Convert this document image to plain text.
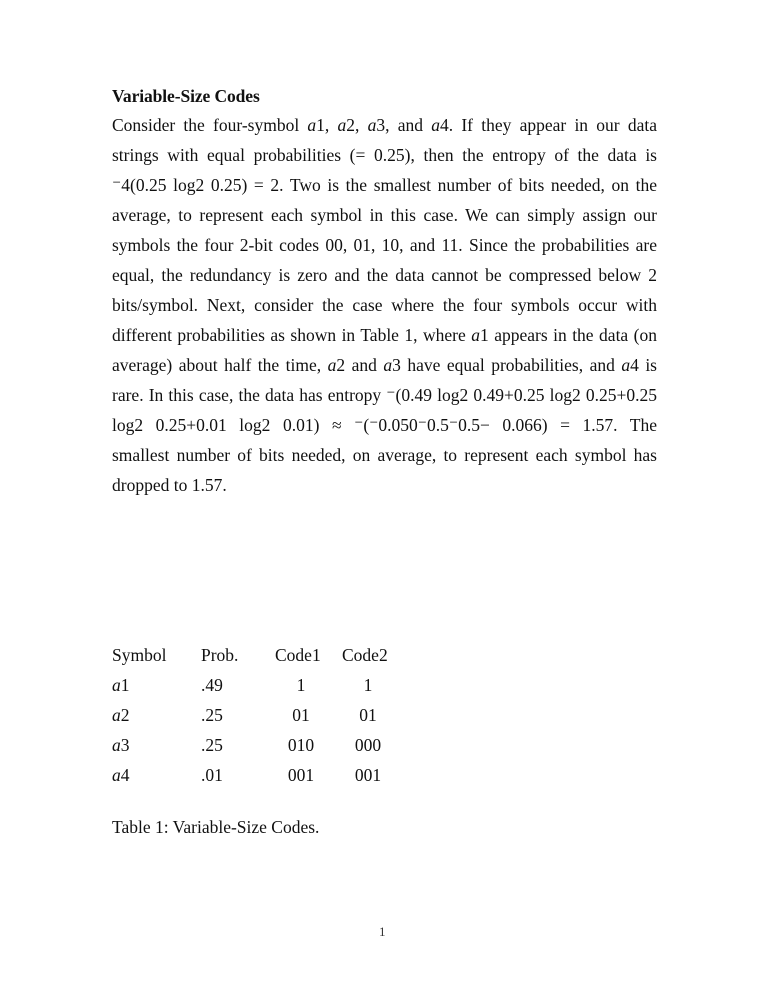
Variable-Size Codes
Consider the four-symbol a1, a2, a3, and a4. If they appear in our data
strings with equal probabilities (= 0.25), then the entropy of the data is
⁻4(0.25 log2 0.25) = 2. Two is the smallest number of bits needed, on the
average, to represent each symbol in this case. We can simply assign our
symbols the four 2-bit codes 00, 01, 10, and 11. Since the probabilities are
equal, the redundancy is zero and the data cannot be compressed below 2
bits/symbol. Next, consider the case where the four symbols occur with
different probabilities as shown in Table 1, where a1 appears in the data (on
average) about half the time, a2 and a3 have equal probabilities, and a4 is
rare. In this case, the data has entropy ⁻(0.49 log2 0.49+0.25 log2 0.25+0.25
log2 0.25+0.01 log2 0.01) ≈ ⁻(⁻0.050⁻0.5⁻0.5− 0.066) = 1.57. The
smallest number of bits needed, on average, to represent each symbol has
dropped to 1.57.
Symbol Prob. Code1	Code2
a1	.49	1	1
a2	.25	01	01
a3	.25	010	000
a4	.01	001	001
Table 1: Variable-Size Codes.
1
